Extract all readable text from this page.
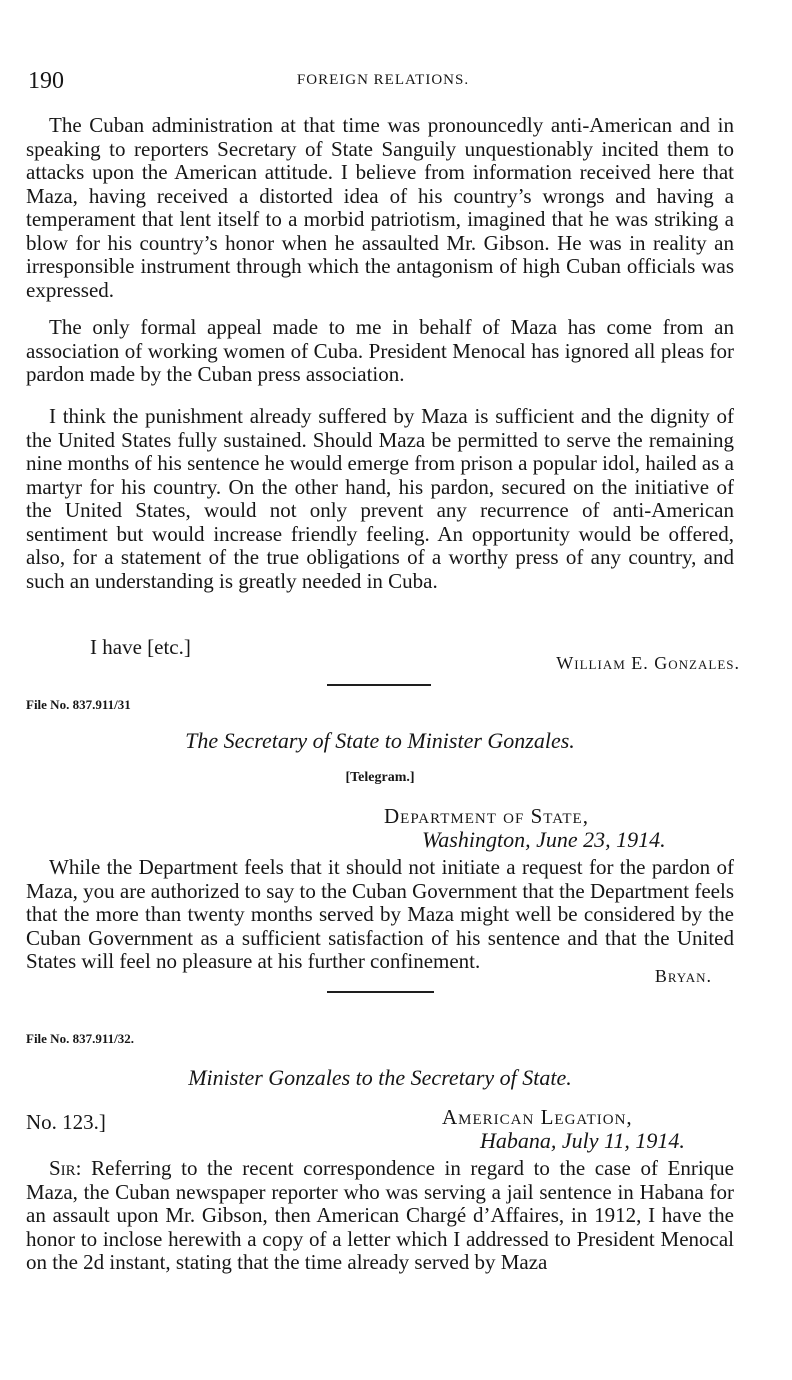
190	FOREIGN RELATIONS.

The Cuban administration at that time was pronouncedly anti-American and in speaking to reporters Secretary of State Sanguily unquestionably incited them to attacks upon the American attitude. I believe from information received here that Maza, having received a distorted idea of his country’s wrongs and having a temperament that lent itself to a morbid patriotism, imagined that he was striking a blow for his country’s honor when he assaulted Mr. Gibson. He was in reality an irresponsible instrument through which the antagonism of high Cuban officials was expressed.

The only formal appeal made to me in behalf of Maza has come from an association of working women of Cuba. President Menocal has ignored all pleas for pardon made by the Cuban press association.

I think the punishment already suffered by Maza is sufficient and the dignity of the United States fully sustained. Should Maza be permitted to serve the remaining nine months of his sentence he would emerge from prison a popular idol, hailed as a martyr for his country. On the other hand, his pardon, secured on the initiative of the United States, would not only prevent any recurrence of anti-American sentiment but would increase friendly feeling. An opportunity would be offered, also, for a statement of the true obligations of a worthy press of any country, and such an understanding is greatly needed in Cuba.

I have [etc.]

William E. Gonzales.
File No. 837.911/31
The Secretary of State to Minister Gonzales.
[Telegram.]
Department of State,
Washington, June 23, 1914.

While the Department feels that it should not initiate a request for the pardon of Maza, you are authorized to say to the Cuban Government that the Department feels that the more than twenty months served by Maza might well be considered by the Cuban Government as a sufficient satisfaction of his sentence and that the United States will feel no pleasure at his further confinement.

Bryan.
File No. 837.911/32.
Minister Gonzales to the Secretary of State.
No. 123.]	American Legation,
Habana, July 11, 1914.

Sir: Referring to the recent correspondence in regard to the case of Enrique Maza, the Cuban newspaper reporter who was serving a jail sentence in Habana for an assault upon Mr. Gibson, then American Chargé d’Affaires, in 1912, I have the honor to inclose herewith a copy of a letter which I addressed to President Menocal on the 2d instant, stating that the time already served by Maza
